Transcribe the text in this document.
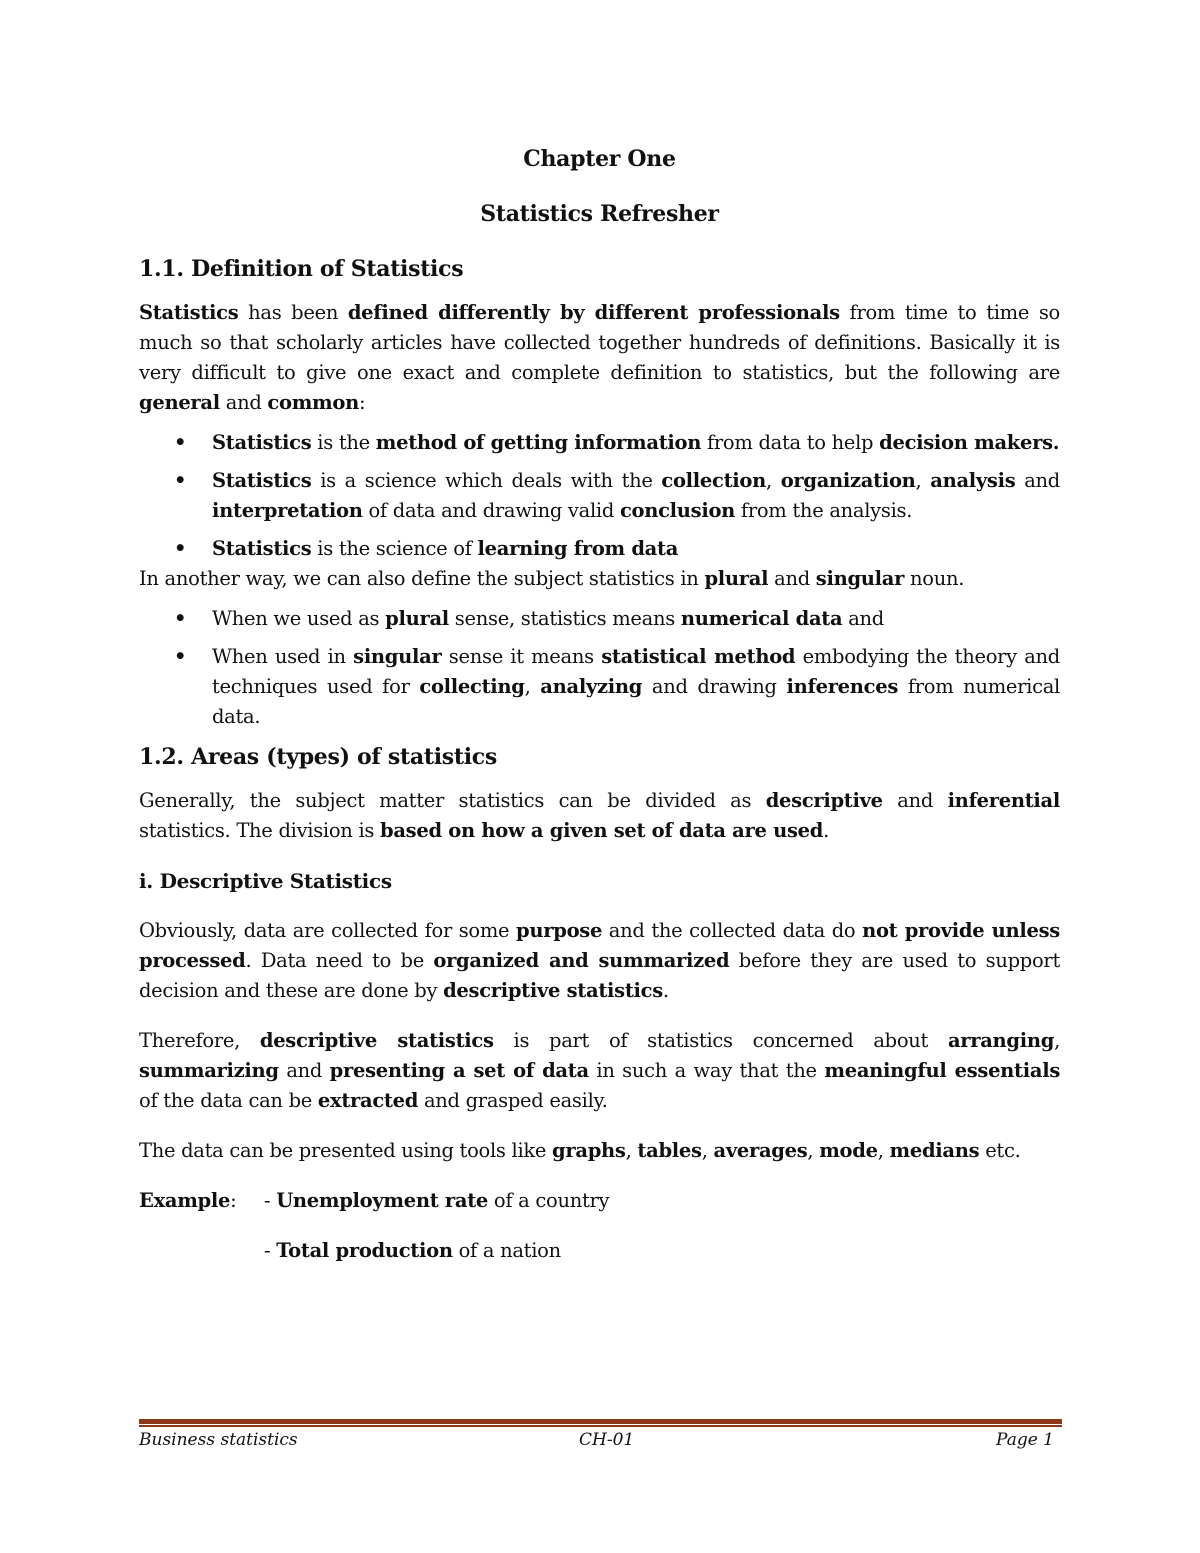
Chapter One
Statistics Refresher
1.1. Definition of Statistics

Statistics has been defined differently by different professionals from time to time so much so that scholarly articles have collected together hundreds of definitions. Basically it is very difficult to give one exact and complete definition to statistics, but the following are general and common:

• Statistics is the method of getting information from data to help decision makers.
• Statistics is a science which deals with the collection, organization, analysis and interpretation of data and drawing valid conclusion from the analysis.
• Statistics is the science of learning from data

In another way, we can also define the subject statistics in plural and singular noun.

• When we used as plural sense, statistics means numerical data and
• When used in singular sense it means statistical method embodying the theory and techniques used for collecting, analyzing and drawing inferences from numerical data.
1.2. Areas (types) of statistics

Generally, the subject matter statistics can be divided as descriptive and inferential statistics. The division is based on how a given set of data are used.

i. Descriptive Statistics

Obviously, data are collected for some purpose and the collected data do not provide unless processed. Data need to be organized and summarized before they are used to support decision and these are done by descriptive statistics.

Therefore, descriptive statistics is part of statistics concerned about arranging, summarizing and presenting a set of data in such a way that the meaningful essentials of the data can be extracted and grasped easily.

The data can be presented using tools like graphs, tables, averages, mode, medians etc.

Example: - Unemployment rate of a country
- Total production of a nation
Business statistics	CH-01	Page 1
